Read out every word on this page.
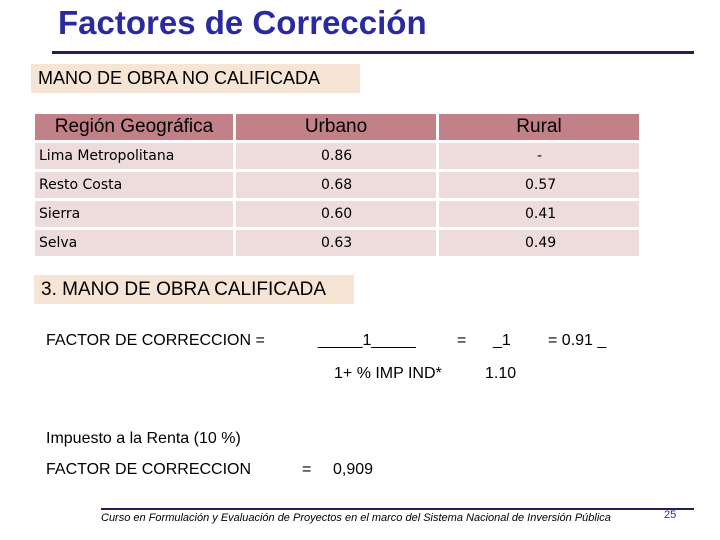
Factores de Corrección
MANO DE OBRA NO CALIFICADA
Región Geográfica	Urbano	Rural
Lima Metropolitana	0.86	-
Resto Costa	0.68	0.57
Sierra	0.60	0.41
Selva	0.63	0.49
3. MANO DE OBRA CALIFICADA
FACTOR DE CORRECCION =	_____1_____	= _1 = 0.91 _
1+ % IMP IND*	1.10
Impuesto a la Renta (10 %)
FACTOR DE CORRECCION	= 0,909
Curso en Formulación y Evaluación de Proyectos en el marco del Sistema Nacional de Inversión Pública	25
